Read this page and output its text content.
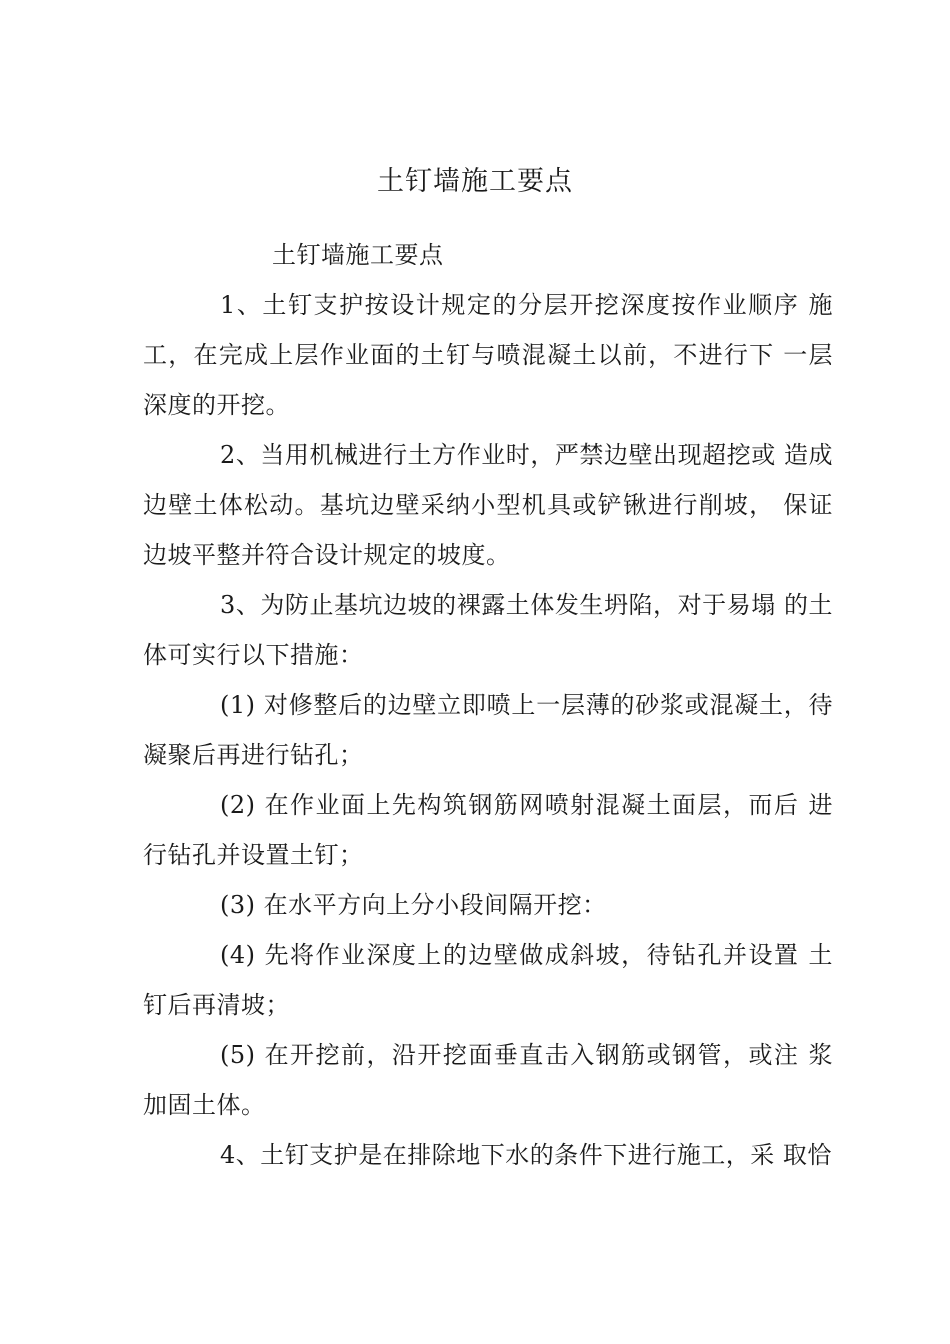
土钉墙施工要点

土钉墙施工要点

1、土钉支护按设计规定的分层开挖深度按作业顺序 施工，在完成上层作业面的土钉与喷混凝土以前，不进行下 一层深度的开挖。

2、当用机械进行土方作业时，严禁边壁出现超挖或 造成边壁土体松动。基坑边壁采纳小型机具或铲锹进行削坡， 保证边坡平整并符合设计规定的坡度。

3、为防止基坑边坡的裸露土体发生坍陷，对于易塌 的土体可实行以下措施：

(1) 对修整后的边壁立即喷上一层薄的砂浆或混凝土，待凝聚后再进行钻孔；

(2) 在作业面上先构筑钢筋网喷射混凝土面层，而后 进行钻孔并设置土钉；

(3) 在水平方向上分小段间隔开挖：

(4) 先将作业深度上的边壁做成斜坡，待钻孔并设置 土钉后再清坡；

(5) 在开挖前，沿开挖面垂直击入钢筋或钢管，或注 浆加固土体。

4、土钉支护是在排除地下水的条件下进行施工，采 取恰
